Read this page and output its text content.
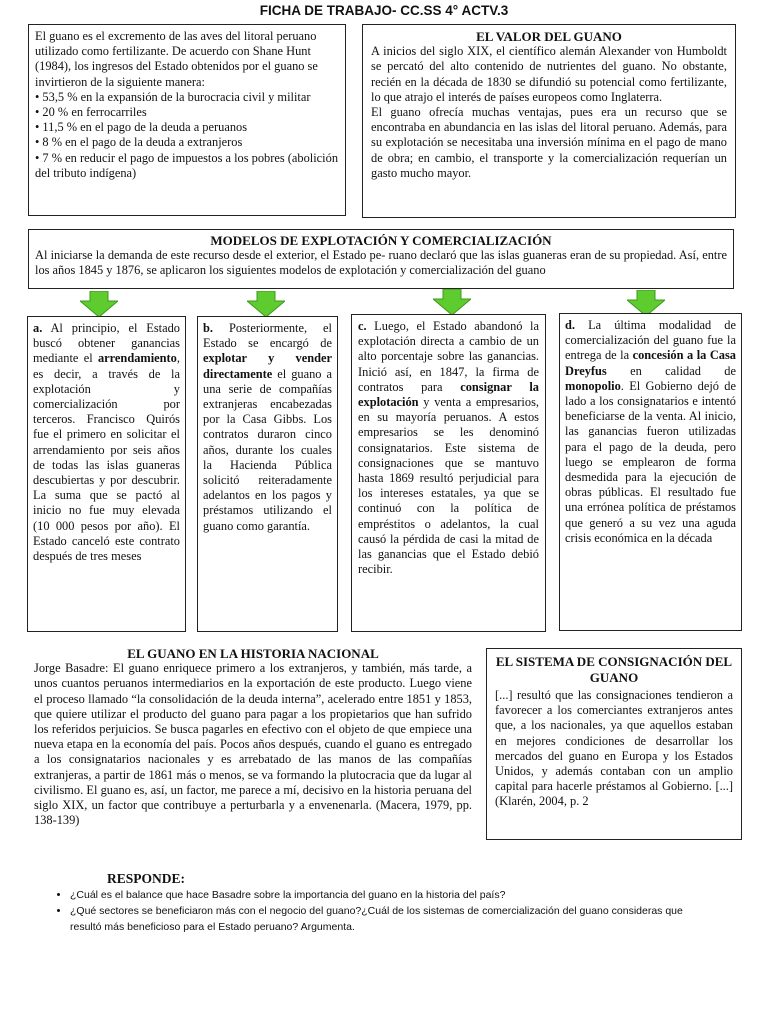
FICHA DE TRABAJO- CC.SS 4° ACTV.3

El guano es el excremento de las aves del litoral peruano utilizado como fertilizante. De acuerdo con Shane Hunt (1984), los ingresos del Estado obtenidos por el guano se invirtieron de la siguiente manera:

• 53,5 % en la expansión de la burocracia civil y militar
• 20 % en ferrocarriles
• 11,5 % en el pago de la deuda a peruanos
• 8 % en el pago de la deuda a extranjeros
• 7 % en reducir el pago de impuestos a los pobres (abolición del tributo indígena)
EL VALOR DEL GUANO

A inicios del siglo XIX, el científico alemán Alexander von Humboldt se percató del alto contenido de nutrientes del guano. No obstante, recién en la década de 1830 se difundió su potencial como fertilizante, lo que atrajo el interés de países europeos como Inglaterra.

El guano ofrecía muchas ventajas, pues era un recurso que se encontraba en abundancia en las islas del litoral peruano. Además, para su explotación se necesitaba una inversión mínima en el pago de mano de obra; en cambio, el transporte y la comercialización requerían un gasto mucho mayor.

MODELOS DE EXPLOTACIÓN Y COMERCIALIZACIÓN

Al iniciarse la demanda de este recurso desde el exterior, el Estado pe- ruano declaró que las islas guaneras eran de su propiedad. Así, entre los años 1845 y 1876, se aplicaron los siguientes modelos de explotación y comercialización del guano

a. Al principio, el Estado buscó obtener ganancias mediante el arrendamiento, es decir, a través de la explotación y comercialización por terceros. Francisco Quirós fue el primero en solicitar el arrendamiento por seis años de todas las islas guaneras descubiertas y por descubrir. La suma que se pactó al inicio no fue muy elevada (10 000 pesos por año). El Estado canceló este contrato después de tres meses

b. Posteriormente, el Estado se encargó de explotar y vender directamente el guano a una serie de compañías extranjeras encabezadas por la Casa Gibbs. Los contratos duraron cinco años, durante los cuales la Hacienda Pública solicitó reiteradamente adelantos en los pagos y préstamos utilizando el guano como garantía.

c. Luego, el Estado abandonó la explotación directa a cambio de un alto porcentaje sobre las ganancias. Inició así, en 1847, la firma de contratos para consignar la explotación y venta a empresarios, en su mayoría peruanos. A estos empresarios se les denominó consignatarios. Este sistema de consignaciones que se mantuvo hasta 1869 resultó perjudicial para los intereses estatales, ya que se continuó con la política de empréstitos o adelantos, la cual causó la pérdida de casi la mitad de las ganancias que el Estado debió recibir.

d. La última modalidad de comercialización del guano fue la entrega de la concesión a la Casa Dreyfus en calidad de monopolio. El Gobierno dejó de lado a los consignatarios e intentó beneficiarse de la venta. Al inicio, las ganancias fueron utilizadas para el pago de la deuda, pero luego se emplearon de forma desmedida para la ejecución de obras públicas. El resultado fue una errónea política de préstamos que generó a su vez una aguda crisis económica en la década

EL GUANO EN LA HISTORIA NACIONAL

Jorge Basadre: El guano enriquece primero a los extranjeros, y también, más tarde, a unos cuantos peruanos intermediarios en la exportación de este producto. Luego viene el proceso llamado “la consolidación de la deuda interna”, acelerado entre 1851 y 1853, que quiere utilizar el producto del guano para pagar a los propietarios que han sufrido los referidos perjuicios. Se busca pagarles en efectivo con el objeto de que empiece una nueva etapa en la economía del país. Pocos años después, cuando el guano es entregado a los consignatarios nacionales y es arrebatado de las manos de las compañías extranjeras, a partir de 1861 más o menos, se va formando la plutocracia que da lugar al civilismo. El guano es, así, un factor, me parece a mí, decisivo en la historia peruana del siglo XIX, un factor que contribuye a perturbarla y a envenenarla. (Macera, 1979, pp. 138-139)

EL SISTEMA DE CONSIGNACIÓN DEL GUANO

[...] resultó que las consignaciones tendieron a favorecer a los comerciantes extranjeros antes que, a los nacionales, ya que aquellos estaban en mejores condiciones de desarrollar los mercados del guano en Europa y los Estados Unidos, y además contaban con un amplio capital para hacerle préstamos al Gobierno. [...] (Klarén, 2004, p. 2

RESPONDE:
• ¿Cuál es el balance que hace Basadre sobre la importancia del guano en la historia del país?
• ¿Qué sectores se beneficiaron más con el negocio del guano?¿Cuál de los sistemas de comercialización del guano consideras que resultó más beneficioso para el Estado peruano? Argumenta.
